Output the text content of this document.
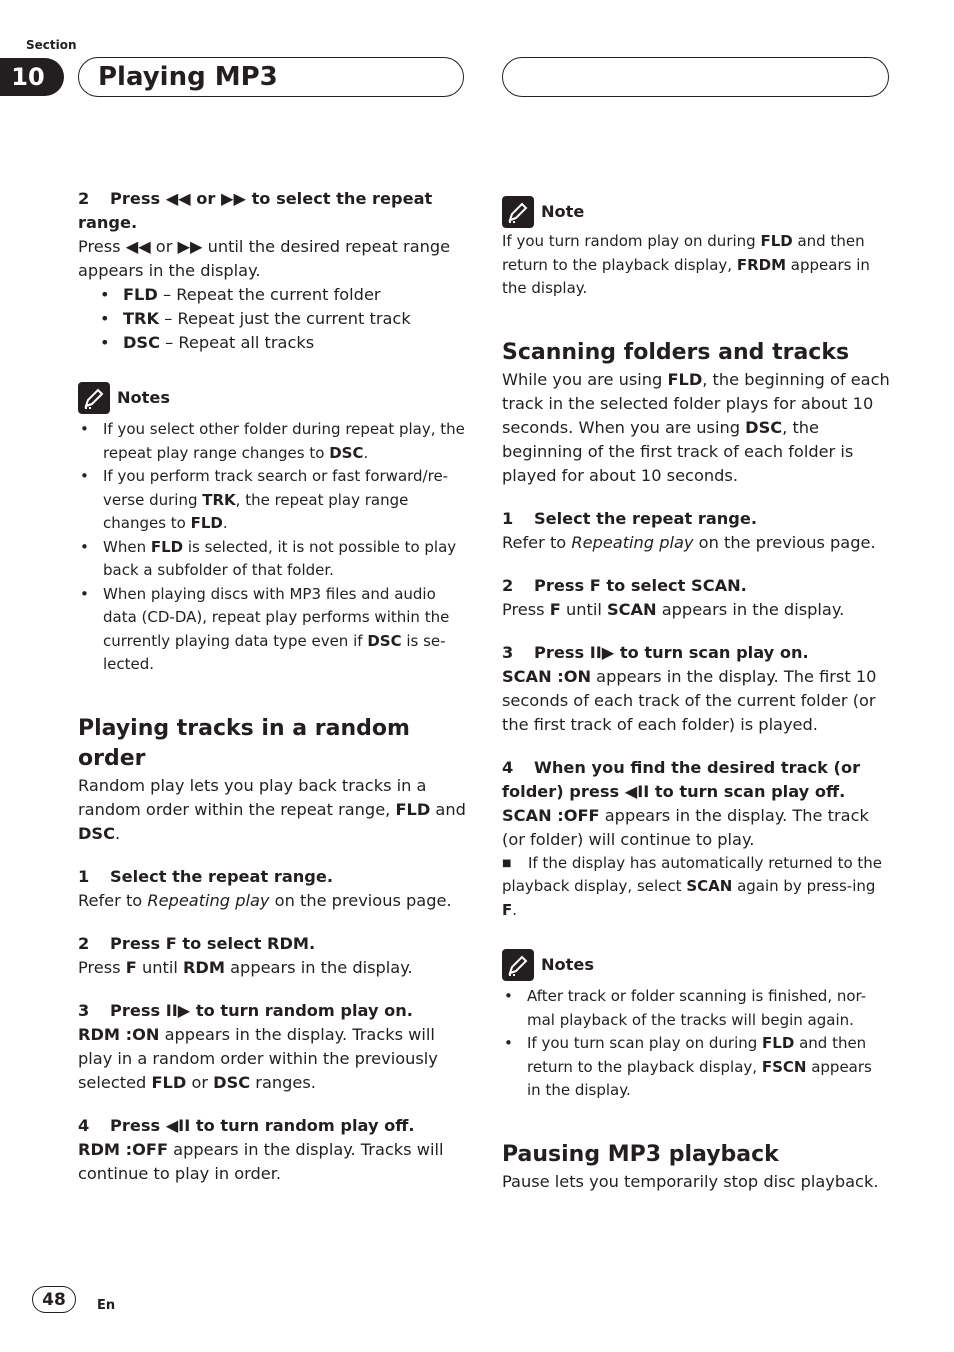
Section
10	Playing MP3

2 Press ◀◀ or ▶▶ to select the repeat range.

Press ◀◀ or ▶▶ until the desired repeat range appears in the display.

• FLD – Repeat the current folder
• TRK – Repeat just the current track
• DSC – Repeat all tracks
Notes
• If you select other folder during repeat play, the repeat play range changes to DSC.
• If you perform track search or fast forward/re-verse during TRK, the repeat play range changes to FLD.
• When FLD is selected, it is not possible to play back a subfolder of that folder.
• When playing discs with MP3 files and audio data (CD-DA), repeat play performs within the currently playing data type even if DSC is se-lected.
Playing tracks in a random order

Random play lets you play back tracks in a random order within the repeat range, FLD and DSC.

1 Select the repeat range.

Refer to Repeating play on the previous page.

2 Press F to select RDM.

Press F until RDM appears in the display.

3 Press II▶ to turn random play on.

RDM :ON appears in the display. Tracks will play in a random order within the previously selected FLD or DSC ranges.

4 Press ◀II to turn random play off.

RDM :OFF appears in the display. Tracks will continue to play in order.

Note

If you turn random play on during FLD and then return to the playback display, FRDM appears in the display.

Scanning folders and tracks

While you are using FLD, the beginning of each track in the selected folder plays for about 10 seconds. When you are using DSC, the beginning of the first track of each folder is played for about 10 seconds.

1 Select the repeat range.

Refer to Repeating play on the previous page.

2 Press F to select SCAN.

Press F until SCAN appears in the display.

3 Press II▶ to turn scan play on.

SCAN :ON appears in the display. The first 10 seconds of each track of the current folder (or the first track of each folder) is played.

4 When you find the desired track (or folder) press ◀II to turn scan play off.

SCAN :OFF appears in the display. The track (or folder) will continue to play.

■ If the display has automatically returned to the playback display, select SCAN again by press-ing F.

Notes
• After track or folder scanning is finished, nor-mal playback of the tracks will begin again.
• If you turn scan play on during FLD and then return to the playback display, FSCN appears in the display.
Pausing MP3 playback

Pause lets you temporarily stop disc playback.

48	En
